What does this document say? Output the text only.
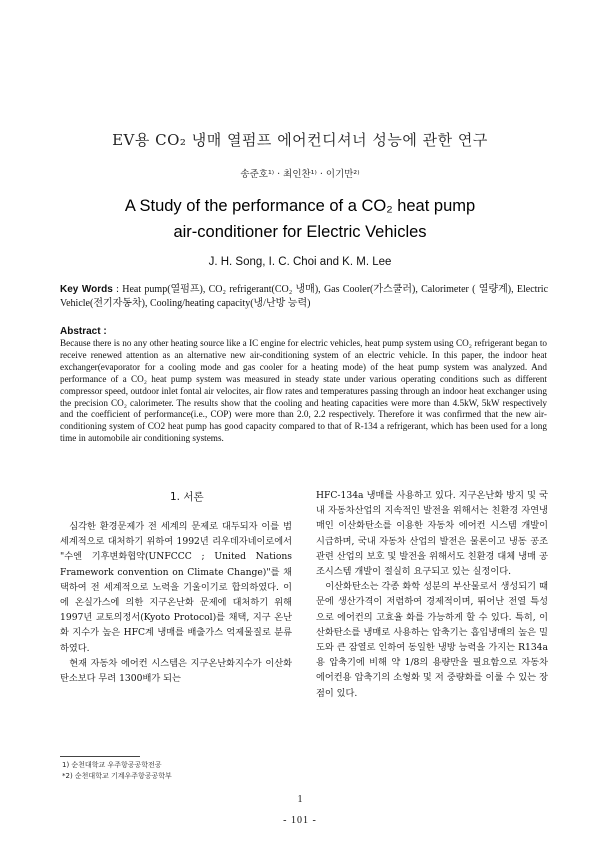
EV용 CO₂ 냉매 열펌프 에어컨디셔너 성능에 관한 연구
송준호¹⁾ · 최인찬¹⁾ · 이기만²⁾
A Study of the performance of a CO₂ heat pump
air-conditioner for Electric Vehicles
J. H. Song, I. C. Choi and K. M. Lee
Key Words : Heat pump(열펌프), CO₂ refrigerant(CO₂ 냉매), Gas Cooler(가스쿨러), Calorimeter ( 열량계), Electric Vehicle(전기자동차), Cooling/heating capacity(냉/난방 능력)
Abstract :
Because there is no any other heating source like a IC engine for electric vehicles, heat pump system using CO₂ refrigerant began to receive renewed attention as an alternative new air-conditioning system of an electric vehicle. In this paper, the indoor heat exchanger(evaporator for a cooling mode and gas cooler for a heating mode) of the heat pump system was analyzed. And performance of a CO₂ heat pump system was measured in steady state under various operating conditions such as different compressor speed, outdoor inlet fontal air velocites, air flow rates and temperatures passing through an indoor heat exchanger using the precision CO₂ calorimeter. The results show that the cooling and heating capacities were more than 4.5kW, 5kW respectively and the coefficient of performance(i.e., COP) were more than 2.0, 2.2 respectively. Therefore it was confirmed that the new air-conditioning system of CO2 heat pump has good capacity compared to that of R-134 a refrigerant, which has been used for a long time in automobile air conditioning systems.
1. 서론

심각한 환경문제가 전 세계의 문제로 대두되자 이를 범세계적으로 대처하기 위하여 1992년 리우데자네이로에서 "수엔 기후변화협약(UNFCCC ; United Nations Framework convention on Climate Change)"를 채택하여 전 세계적으로 노력을 기울이기로 합의하였다. 이에 온실가스에 의한 지구온난화 문제에 대처하기 위해 1997년 교토의정서(Kyoto Protocol)를 채택, 지구 온난화 지수가 높은 HFC계 냉매를 배출가스 억제물질로 분류하였다.

현재 자동차 에어컨 시스템은 지구온난화지수가 이산화탄소보다 무려 1300배가 되는

HFC-134a 냉매를 사용하고 있다. 지구온난화 방지 및 국내 자동차산업의 지속적인 발전을 위해서는 친환경 자연냉매인 이산화탄소를 이용한 자동차 에어컨 시스템 개발이 시급하며, 국내 자동차 산업의 발전은 물론이고 냉동 공조 관련 산업의 보호 및 발전을 위해서도 친환경 대체 냉매 공조시스템 개발이 절실히 요구되고 있는 실정이다.

이산화탄소는 각종 화학 성분의 부산물로서 생성되기 때문에 생산가격이 저렴하여 경제적이며, 뛰어난 전열 특성으로 에어컨의 고효율 화를 가능하게 할 수 있다. 특히, 이산화탄소를 냉매로 사용하는 압축기는 흡입냉매의 높은 밀도와 큰 잠열로 인하여 동일한 냉방 능력을 가지는 R134a용 압축기에 비해 약 1/8의 용량만을 필요함으로 자동차 에어컨용 압축기의 소형화 및 저 중량화를 이룰 수 있는 장점이 있다.

1) 순천대학교 우주항공공학전공
*2) 순천대학교 기계우주항공공학부
1
- 101 -
